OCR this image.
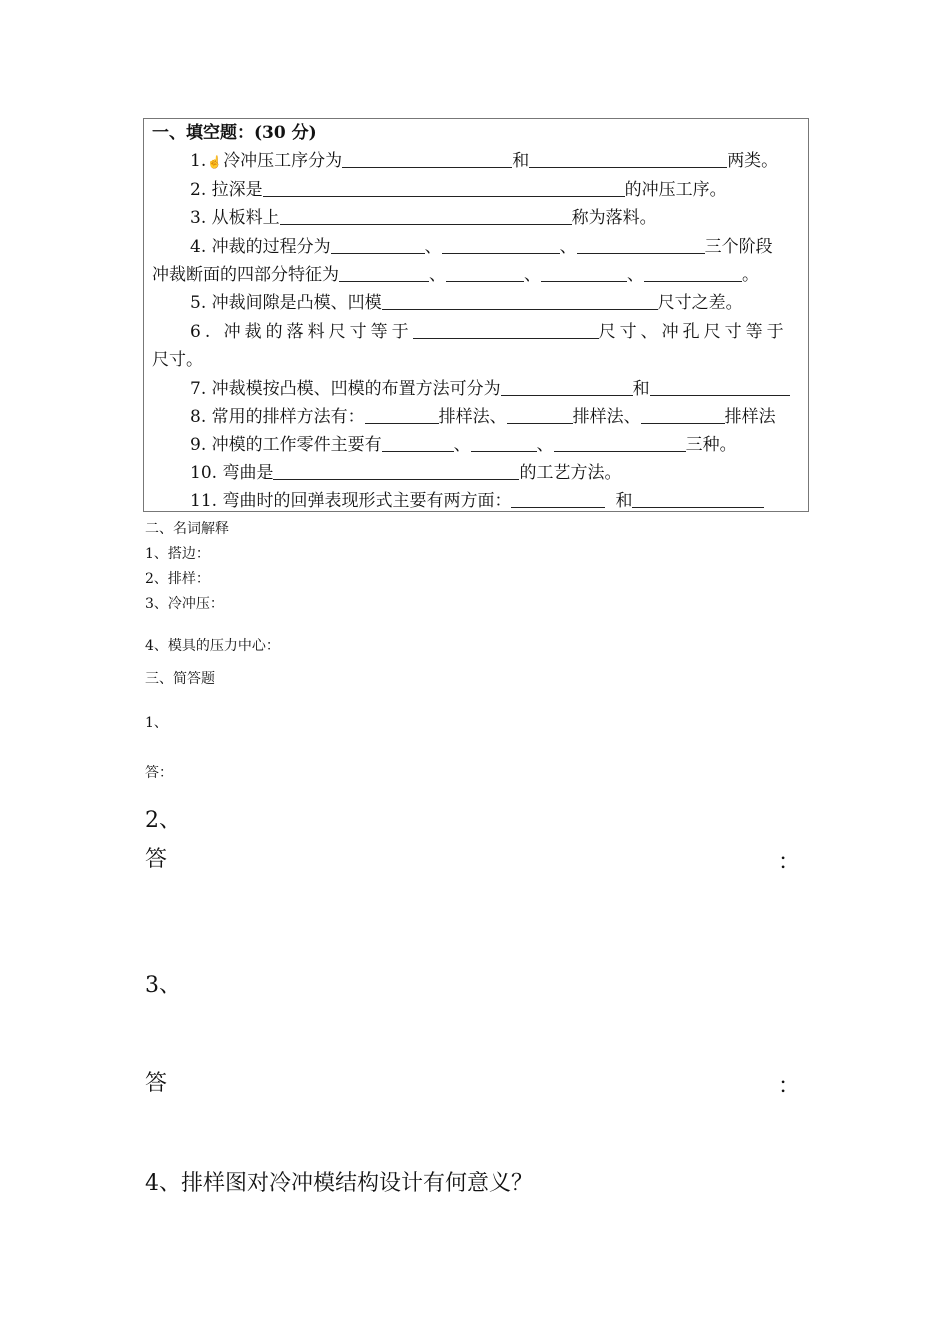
一、填空题：(30 分)
1.☝冷冲压工序分为	和	两类。
2. 拉深是	的冲压工序。
3. 从板料上	称为落料。
4. 冲裁的过程分为	、	、	三个阶段
冲裁断面的四部分特征为	、	、	、	。
5. 冲裁间隙是凸模、凹模	尺寸之差。
6. 冲裁的落料尺寸等于	尺寸、冲孔尺寸等于
尺寸。
7. 冲裁模按凸模、凹模的布置方法可分为	和
8. 常用的排样方法有：	排样法、	排样法、	排样法
9. 冲模的工作零件主要有	、	、	三种。
10. 弯曲是	的工艺方法。
11. 弯曲时的回弹表现形式主要有两方面：	和
二、名词解释
1、搭边：
2、排样：
3、冷冲压：
4、模具的压力中心：
三、简答题
1、
答：
2、
答	：
3、
答	：
4、排样图对冷冲模结构设计有何意义？
